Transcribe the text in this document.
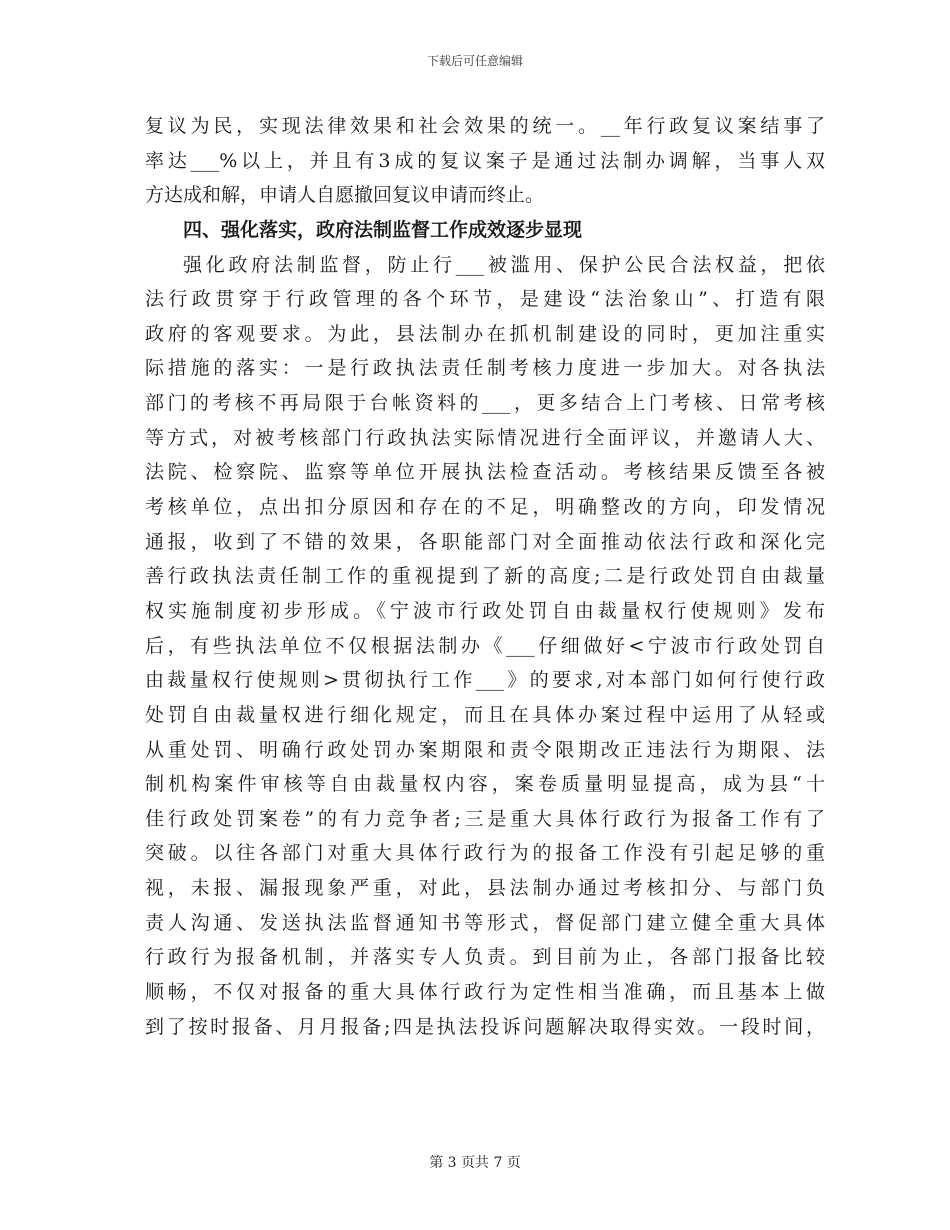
下载后可任意编辑
复议为民，实现法律效果和社会效果的统一。__年行政复议案结事了
率达___%以上，并且有3成的复议案子是通过法制办调解，当事人双
方达成和解，申请人自愿撤回复议申请而终止。
四、强化落实，政府法制监督工作成效逐步显现
强化政府法制监督，防止行___被滥用、保护公民合法权益，把依
法行政贯穿于行政管理的各个环节，是建设“法治象山”、打造有限
政府的客观要求。为此，县法制办在抓机制建设的同时，更加注重实
际措施的落实：一是行政执法责任制考核力度进一步加大。对各执法
部门的考核不再局限于台帐资料的___，更多结合上门考核、日常考核
等方式，对被考核部门行政执法实际情况进行全面评议，并邀请人大、
法院、检察院、监察等单位开展执法检查活动。考核结果反馈至各被
考核单位，点出扣分原因和存在的不足，明确整改的方向，印发情况
通报，收到了不错的效果，各职能部门对全面推动依法行政和深化完
善行政执法责任制工作的重视提到了新的高度;二是行政处罚自由裁量
权实施制度初步形成。《宁波市行政处罚自由裁量权行使规则》发布
后，有些执法单位不仅根据法制办《___仔细做好<宁波市行政处罚自
由裁量权行使规则>贯彻执行工作___》的要求,对本部门如何行使行政
处罚自由裁量权进行细化规定，而且在具体办案过程中运用了从轻或
从重处罚、明确行政处罚办案期限和责令限期改正违法行为期限、法
制机构案件审核等自由裁量权内容，案卷质量明显提高，成为县“十
佳行政处罚案卷”的有力竞争者;三是重大具体行政行为报备工作有了
突破。以往各部门对重大具体行政行为的报备工作没有引起足够的重
视，未报、漏报现象严重，对此，县法制办通过考核扣分、与部门负
责人沟通、发送执法监督通知书等形式，督促部门建立健全重大具体
行政行为报备机制，并落实专人负责。到目前为止，各部门报备比较
顺畅，不仅对报备的重大具体行政行为定性相当准确，而且基本上做
到了按时报备、月月报备;四是执法投诉问题解决取得实效。一段时间，
第 3 页共 7 页
